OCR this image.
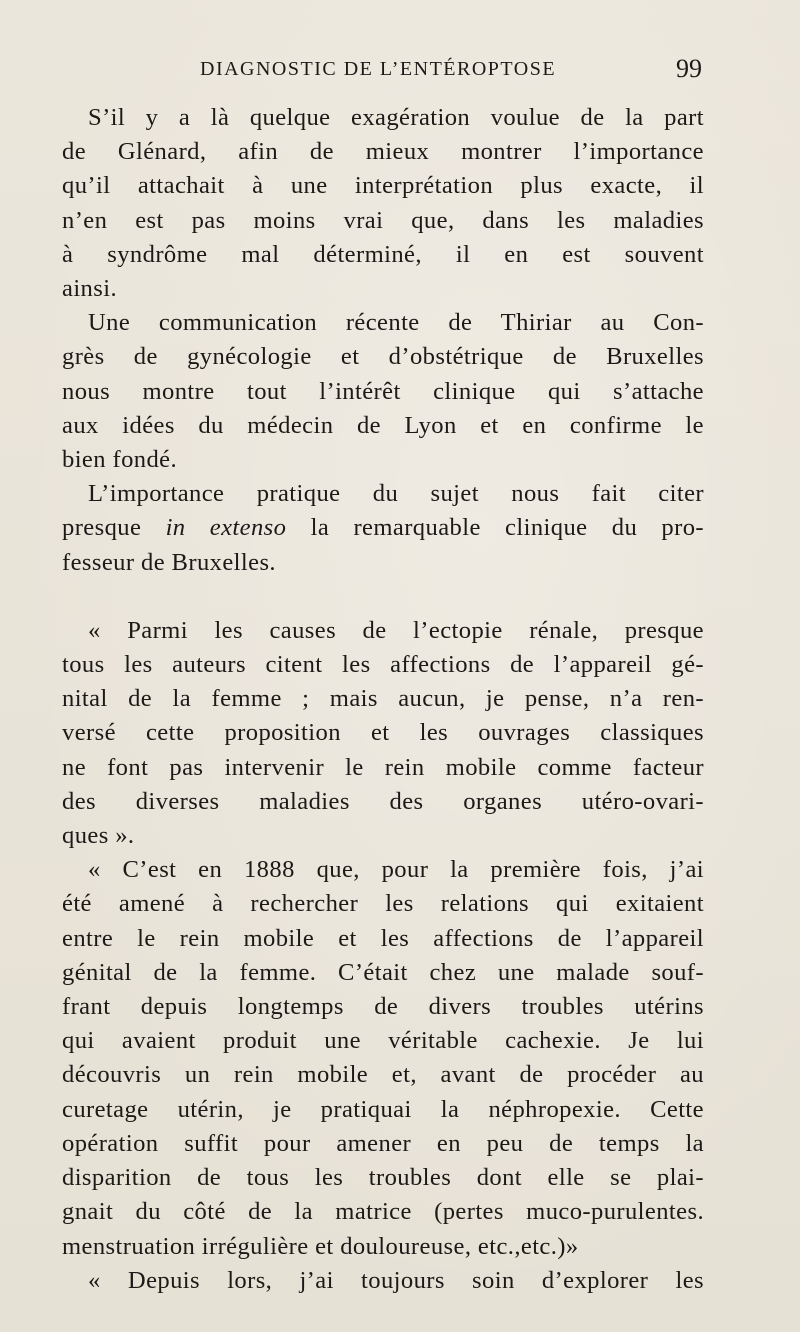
DIAGNOSTIC DE L’ENTÉROPTOSE	99
S’il y a là quelque exagération voulue de la part
de Glénard, afin de mieux montrer l’importance
qu’il attachait à une interprétation plus exacte, il
n’en est pas moins vrai que, dans les maladies
à syndrôme mal déterminé, il en est souvent
ainsi.
Une communication récente de Thiriar au Con-
grès de gynécologie et d’obstétrique de Bruxelles
nous montre tout l’intérêt clinique qui s’attache
aux idées du médecin de Lyon et en confirme le
bien fondé.
L’importance pratique du sujet nous fait citer
presque in extenso la remarquable clinique du pro-
fesseur de Bruxelles.
« Parmi les causes de l’ectopie rénale, presque
tous les auteurs citent les affections de l’appareil gé-
nital de la femme ; mais aucun, je pense, n’a ren-
versé cette proposition et les ouvrages classiques
ne font pas intervenir le rein mobile comme facteur
des diverses maladies des organes utéro-ovari-
ques ».
« C’est en 1888 que, pour la première fois, j’ai
été amené à rechercher les relations qui exitaient
entre le rein mobile et les affections de l’appareil
génital de la femme. C’était chez une malade souf-
frant depuis longtemps de divers troubles utérins
qui avaient produit une véritable cachexie. Je lui
découvris un rein mobile et, avant de procéder au
curetage utérin, je pratiquai la néphropexie. Cette
opération suffit pour amener en peu de temps la
disparition de tous les troubles dont elle se plai-
gnait du côté de la matrice (pertes muco-purulentes.
menstruation irrégulière et douloureuse, etc.,etc.)»
« Depuis lors, j’ai toujours soin d’explorer les
